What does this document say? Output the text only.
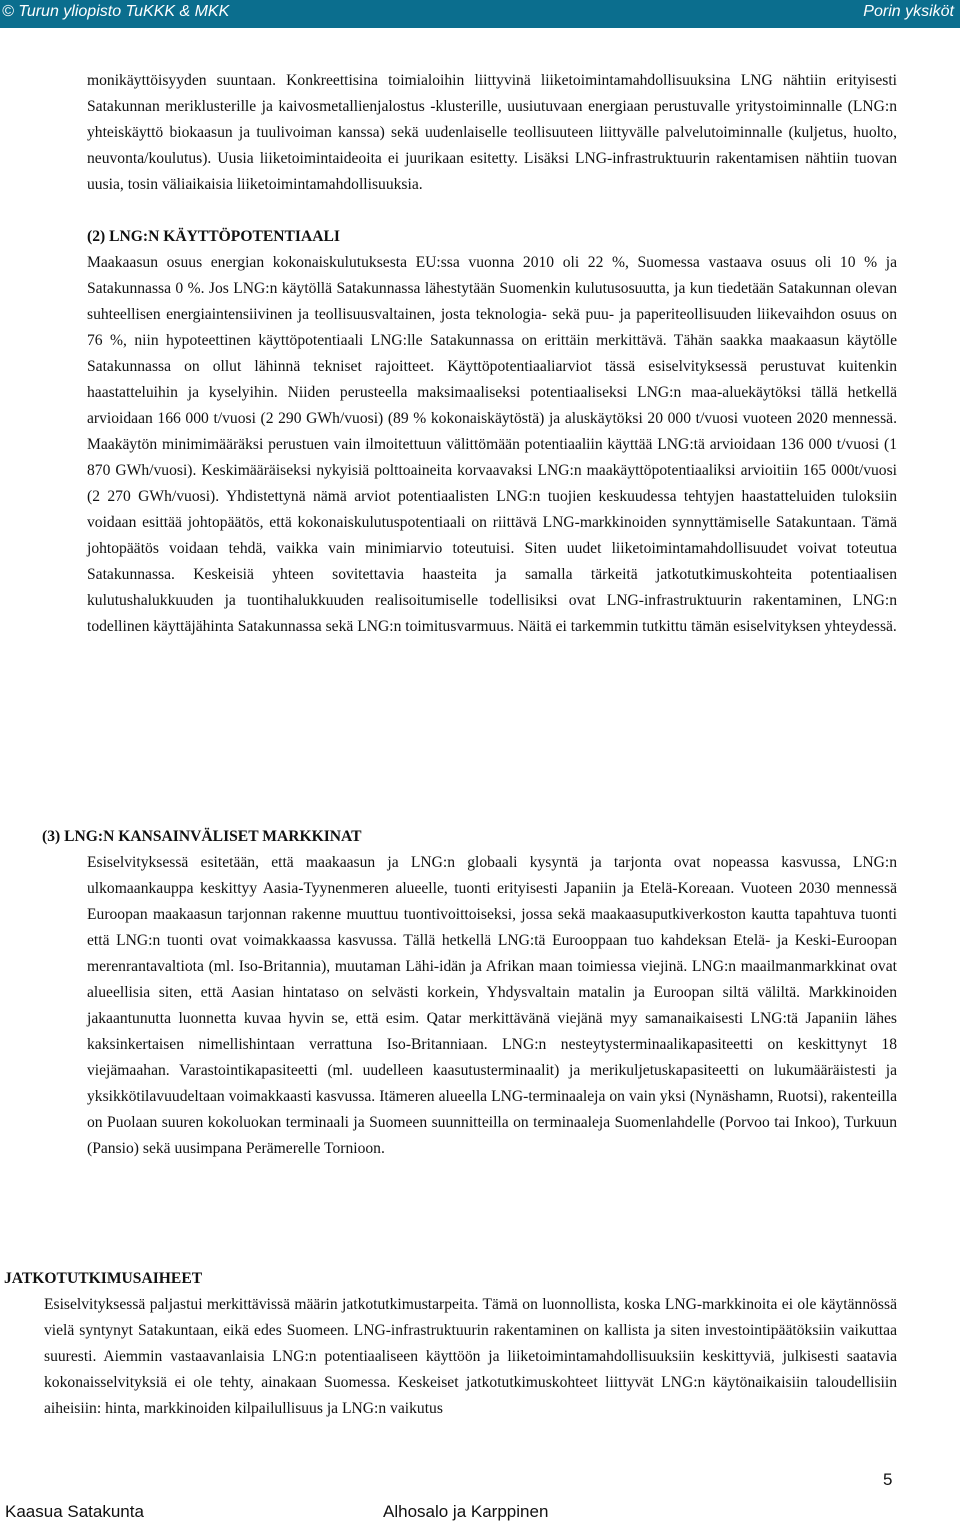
© Turun yliopisto TuKKK & MKK	Porin yksiköt

monikäyttöisyyden suuntaan. Konkreettisina toimialoihin liittyvinä liiketoimintamahdollisuuksina LNG nähtiin erityisesti Satakunnan meriklusterille ja kaivosmetallienjalostus -klusterille, uusiutuvaan energiaan perustuvalle yritystoiminnalle (LNG:n yhteiskäyttö biokaasun ja tuulivoiman kanssa) sekä uudenlaiselle teollisuuteen liittyvälle palvelutoiminnalle (kuljetus, huolto, neuvonta/koulutus). Uusia liiketoimintaideoita ei juurikaan esitetty. Lisäksi LNG-infrastruktuurin rakentamisen nähtiin tuovan uusia, tosin väliaikaisia liiketoimintamahdollisuuksia.

(2) LNG:N KÄYTTÖPOTENTIAALI

Maakaasun osuus energian kokonaiskulutuksesta EU:ssa vuonna 2010 oli 22 %, Suomessa vastaava osuus oli 10 % ja Satakunnassa 0 %. Jos LNG:n käytöllä Satakunnassa lähestytään Suomenkin kulutusosuutta, ja kun tiedetään Satakunnan olevan suhteellisen energiaintensiivinen ja teollisuusvaltainen, josta teknologia- sekä puu- ja paperiteollisuuden liikevaihdon osuus on 76 %, niin hypoteettinen käyttöpotentiaali LNG:lle Satakunnassa on erittäin merkittävä. Tähän saakka maakaasun käytölle Satakunnassa on ollut lähinnä tekniset rajoitteet. Käyttöpotentiaaliarviot tässä esiselvityksessä perustuvat kuitenkin haastatteluihin ja kyselyihin. Niiden perusteella maksimaaliseksi potentiaaliseksi LNG:n maa-aluekäytöksi tällä hetkellä arvioidaan 166 000 t/vuosi (2 290 GWh/vuosi) (89 % kokonaiskäytöstä) ja aluskäytöksi 20 000 t/vuosi vuoteen 2020 mennessä. Maakäytön minimimääräksi perustuen vain ilmoitettuun välittömään potentiaaliin käyttää LNG:tä arvioidaan 136 000 t/vuosi (1 870 GWh/vuosi). Keskimääräiseksi nykyisiä polttoaineita korvaavaksi LNG:n maakäyttöpotentiaaliksi arvioitiin 165 000t/vuosi (2 270 GWh/vuosi). Yhdistettynä nämä arviot potentiaalisten LNG:n tuojien keskuudessa tehtyjen haastatteluiden tuloksiin voidaan esittää johtopäätös, että kokonaiskulutuspotentiaali on riittävä LNG-markkinoiden synnyttämiselle Satakuntaan. Tämä johtopäätös voidaan tehdä, vaikka vain minimiarvio toteutuisi. Siten uudet liiketoimintamahdollisuudet voivat toteutua Satakunnassa. Keskeisiä yhteen sovitettavia haasteita ja samalla tärkeitä jatkotutkimuskohteita potentiaalisen kulutushalukkuuden ja tuontihalukkuuden realisoitumiselle todellisiksi ovat LNG-infrastruktuurin rakentaminen, LNG:n todellinen käyttäjähinta Satakunnassa sekä LNG:n toimitusvarmuus. Näitä ei tarkemmin tutkittu tämän esiselvityksen yhteydessä.

(3) LNG:N KANSAINVÄLISET MARKKINAT

Esiselvityksessä esitetään, että maakaasun ja LNG:n globaali kysyntä ja tarjonta ovat nopeassa kasvussa, LNG:n ulkomaankauppa keskittyy Aasia-Tyynenmeren alueelle, tuonti erityisesti Japaniin ja Etelä-Koreaan. Vuoteen 2030 mennessä Euroopan maakaasun tarjonnan rakenne muuttuu tuontivoittoiseksi, jossa sekä maakaasuputkiverkoston kautta tapahtuva tuonti että LNG:n tuonti ovat voimakkaassa kasvussa. Tällä hetkellä LNG:tä Eurooppaan tuo kahdeksan Etelä- ja Keski-Euroopan merenrantavaltiota (ml. Iso-Britannia), muutaman Lähi-idän ja Afrikan maan toimiessa viejinä. LNG:n maailmanmarkkinat ovat alueellisia siten, että Aasian hintataso on selvästi korkein, Yhdysvaltain matalin ja Euroopan siltä väliltä. Markkinoiden jakaantunutta luonnetta kuvaa hyvin se, että esim. Qatar merkittävänä viejänä myy samanaikaisesti LNG:tä Japaniin lähes kaksinkertaisen nimellishintaan verrattuna Iso-Britanniaan. LNG:n nesteytysterminaalikapasiteetti on keskittynyt 18 viejämaahan. Varastointikapasiteetti (ml. uudelleen kaasutusterminaalit) ja merikuljetuskapasiteetti on lukumääräistesti ja yksikkötilavuudeltaan voimakkaasti kasvussa. Itämeren alueella LNG-terminaaleja on vain yksi (Nynäshamn, Ruotsi), rakenteilla on Puolaan suuren kokoluokan terminaali ja Suomeen suunnitteilla on terminaaleja Suomenlahdelle (Porvoo tai Inkoo), Turkuun (Pansio) sekä uusimpana Perämerelle Tornioon.

JATKOTUTKIMUSAIHEET

Esiselvityksessä paljastui merkittävissä määrin jatkotutkimustarpeita. Tämä on luonnollista, koska LNG-markkinoita ei ole käytännössä vielä syntynyt Satakuntaan, eikä edes Suomeen. LNG-infrastruktuurin rakentaminen on kallista ja siten investointipäätöksiin vaikuttaa suuresti. Aiemmin vastaavanlaisia LNG:n potentiaaliseen käyttöön ja liiketoimintamahdollisuuksiin keskittyviä, julkisesti saatavia kokonaisselvityksiä ei ole tehty, ainakaan Suomessa. Keskeiset jatkotutkimuskohteet liittyvät LNG:n käytönaikaisiin taloudellisiin aiheisiin: hinta, markkinoiden kilpailullisuus ja LNG:n vaikutus

5
Kaasua Satakunta	Alhosalo ja Karppinen
